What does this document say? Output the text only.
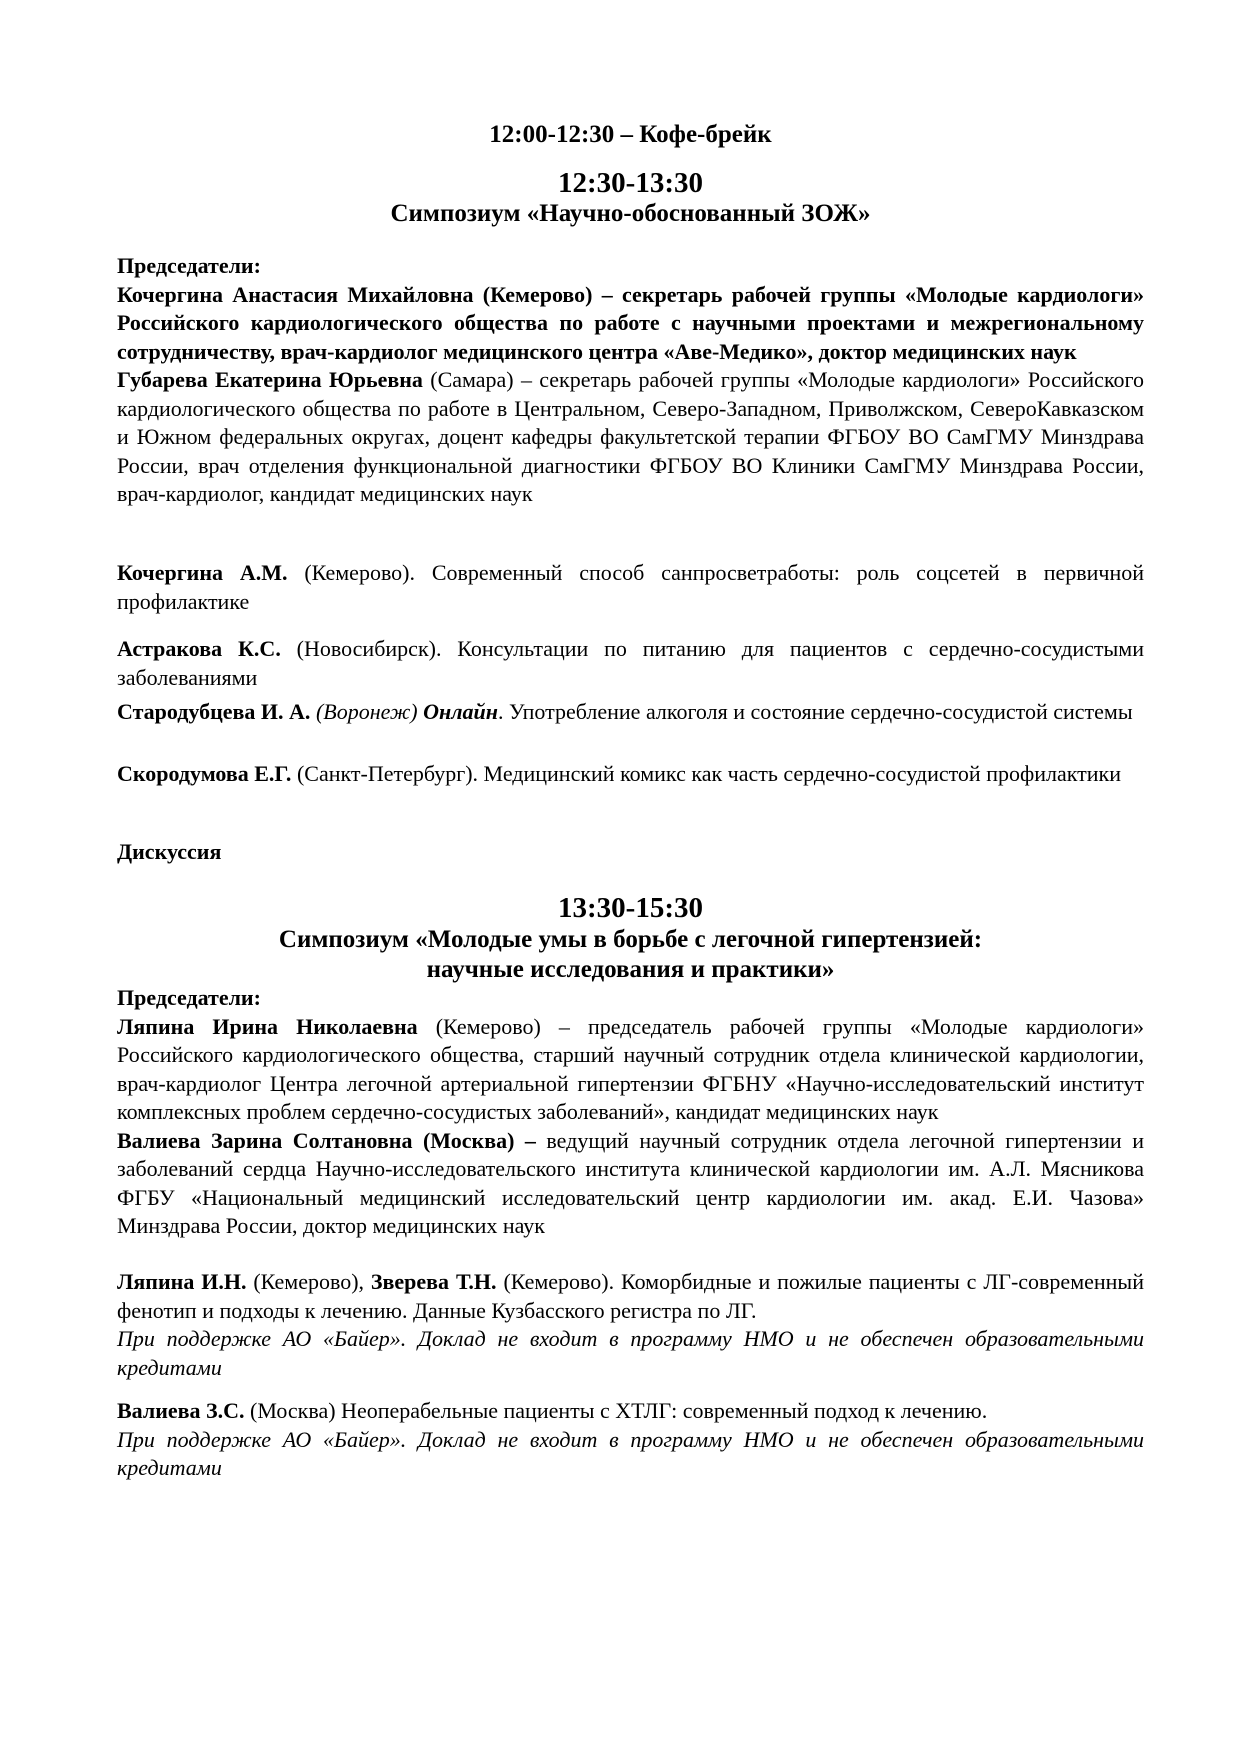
12:00-12:30 – Кофе-брейк
12:30-13:30
Симпозиум «Научно-обоснованный ЗОЖ»

Председатели:

Кочергина Анастасия Михайловна (Кемерово) – секретарь рабочей группы «Молодые кардиологи» Российского кардиологического общества по работе с научными проектами и межрегиональному сотрудничеству, врач-кардиолог медицинского центра «Аве-Медико», доктор медицинских наук

Губарева Екатерина Юрьевна (Самара) – секретарь рабочей группы «Молодые кардиологи» Российского кардиологического общества по работе в Центральном, Северо-Западном, Приволжском, СевероКавказском и Южном федеральных округах, доцент кафедры факультетской терапии ФГБОУ ВО СамГМУ Минздрава России, врач отделения функциональной диагностики ФГБОУ ВО Клиники СамГМУ Минздрава России, врач-кардиолог, кандидат медицинских наук

Кочергина А.М. (Кемерово). Современный способ санпросветработы: роль соцсетей в первичной профилактике
Астракова К.С. (Новосибирск). Консультации по питанию для пациентов с сердечно-сосудистыми заболеваниями
Стародубцева И. А. (Воронеж) Онлайн. Употребление алкоголя и состояние сердечно-сосудистой системы
Скородумова Е.Г. (Санкт-Петербург). Медицинский комикс как часть сердечно-сосудистой профилактики
Дискуссия
13:30-15:30
Симпозиум «Молодые умы в борьбе с легочной гипертензией:
научные исследования и практики»

Председатели:

Ляпина Ирина Николаевна (Кемерово) – председатель рабочей группы «Молодые кардиологи» Российского кардиологического общества, старший научный сотрудник отдела клинической кардиологии, врач-кардиолог Центра легочной артериальной гипертензии ФГБНУ «Научно-исследовательский институт комплексных проблем сердечно-сосудистых заболеваний», кандидат медицинских наук

Валиева Зарина Солтановна (Москва) – ведущий научный сотрудник отдела легочной гипертензии и заболеваний сердца Научно-исследовательского института клинической кардиологии им. А.Л. Мясникова ФГБУ «Национальный медицинский исследовательский центр кардиологии им. акад. Е.И. Чазова» Минздрава России, доктор медицинских наук

Ляпина И.Н. (Кемерово), Зверева Т.Н. (Кемерово). Коморбидные и пожилые пациенты с ЛГ-современный фенотип и подходы к лечению. Данные Кузбасского регистра по ЛГ.

При поддержке АО «Байер». Доклад не входит в программу НМО и не обеспечен образовательными кредитами

Валиева З.С. (Москва) Неоперабельные пациенты с ХТЛГ: современный подход к лечению.

При поддержке АО «Байер». Доклад не входит в программу НМО и не обеспечен образовательными кредитами
